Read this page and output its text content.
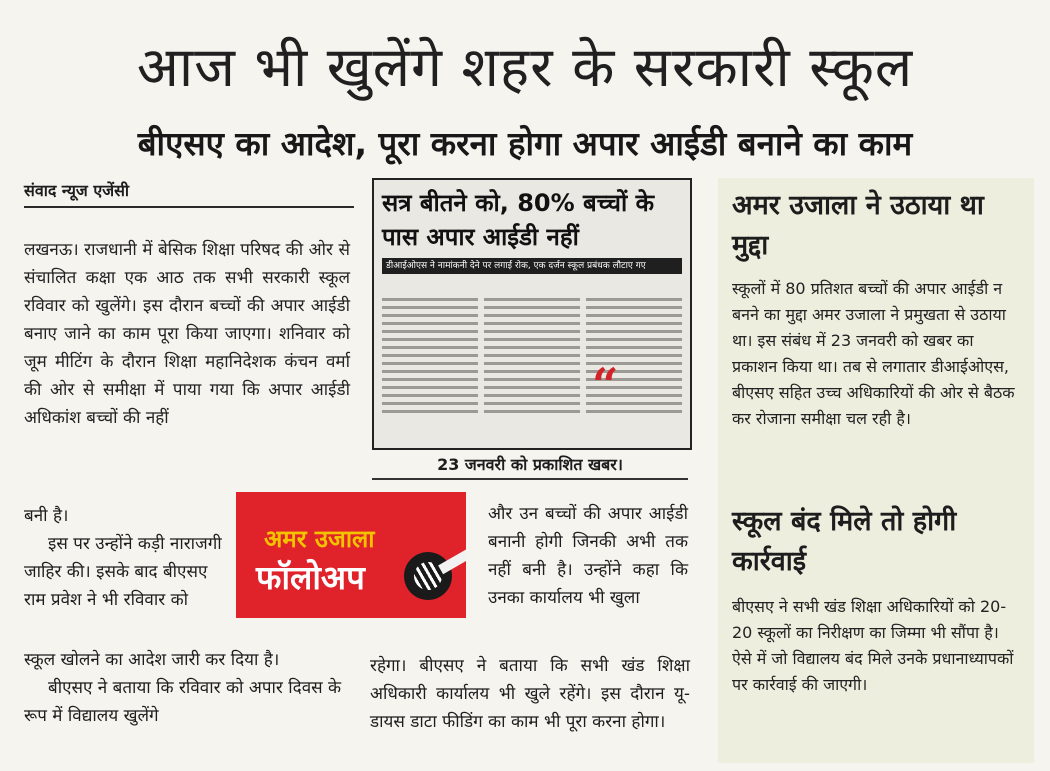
आज भी खुलेंगे शहर के सरकारी स्कूल
बीएसए का आदेश, पूरा करना होगा अपार आईडी बनाने का काम
संवाद न्यूज एजेंसी

लखनऊ। राजधानी में बेसिक शिक्षा परिषद की ओर से संचालित कक्षा एक आठ तक सभी सरकारी स्कूल रविवार को खुलेंगे। इस दौरान बच्चों की अपार आईडी बनाए जाने का काम पूरा किया जाएगा। शनिवार को जूम मीटिंग के दौरान शिक्षा महानिदेशक कंचन वर्मा की ओर से समीक्षा में पाया गया कि अपार आईडी अधिकांश बच्चों की नहीं

बनी है।

इस पर उन्होंने कड़ी नाराजगी जाहिर की। इसके बाद बीएसए राम प्रवेश ने भी रविवार को

स्कूल खोलने का आदेश जारी कर दिया है।

बीएसए ने बताया कि रविवार को अपार दिवस के रूप में विद्यालय खुलेंगे

सत्र बीतने को, 80% बच्चों के पास अपार आईडी नहीं
डीआईओएस ने नामांकनी देने पर लगाई रोक, एक दर्जन स्कूल प्रबंधक लौटाए गए
“
23 जनवरी को प्रकाशित खबर।
अमर उजाला
फॉलोअप

और उन बच्चों की अपार आईडी बनानी होगी जिनकी अभी तक नहीं बनी है। उन्होंने कहा कि उनका कार्यालय भी खुला

रहेगा। बीएसए ने बताया कि सभी खंड शिक्षा अधिकारी कार्यालय भी खुले रहेंगे। इस दौरान यू-डायस डाटा फीडिंग का काम भी पूरा करना होगा।

अमर उजाला ने उठाया था मुद्दा

स्कूलों में 80 प्रतिशत बच्चों की अपार आईडी न बनने का मुद्दा अमर उजाला ने प्रमुखता से उठाया था। इस संबंध में 23 जनवरी को खबर का प्रकाशन किया था। तब से लगातार डीआईओएस, बीएसए सहित उच्च अधिकारियों की ओर से बैठक कर रोजाना समीक्षा चल रही है।

स्कूल बंद मिले तो होगी कार्रवाई

बीएसए ने सभी खंड शिक्षा अधिकारियों को 20-20 स्कूलों का निरीक्षण का जिम्मा भी सौंपा है। ऐसे में जो विद्यालय बंद मिले उनके प्रधानाध्यापकों पर कार्रवाई की जाएगी।
